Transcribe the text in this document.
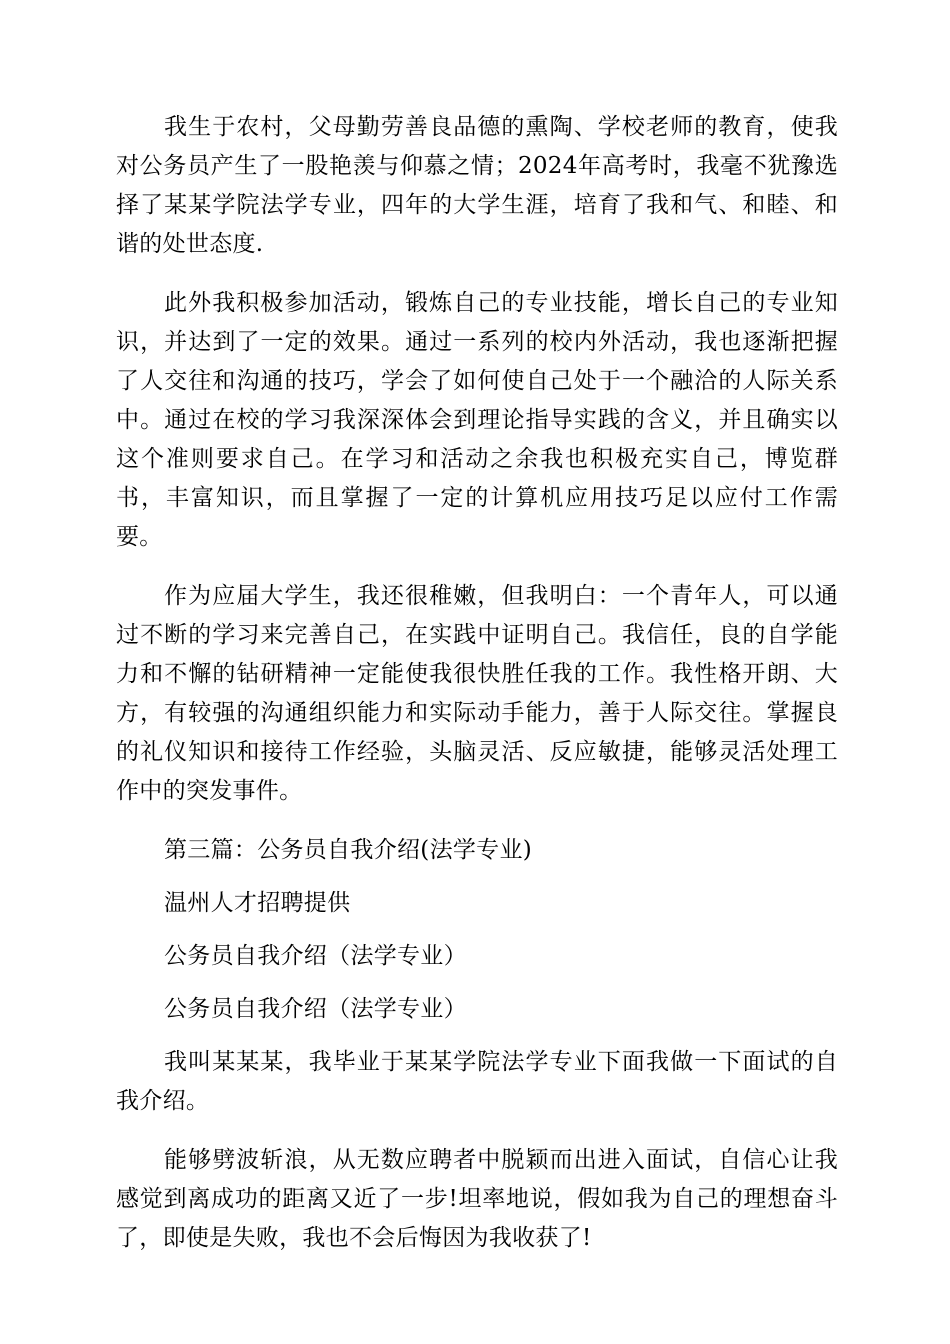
我生于农村，父母勤劳善良品德的熏陶、学校老师的教育，使我对公务员产生了一股艳羡与仰慕之情；2024年高考时，我毫不犹豫选择了某某学院法学专业，四年的大学生涯，培育了我和气、和睦、和谐的处世态度.

此外我积极参加活动，锻炼自己的专业技能，增长自己的专业知识，并达到了一定的效果。通过一系列的校内外活动，我也逐渐把握了人交往和沟通的技巧，学会了如何使自己处于一个融洽的人际关系中。通过在校的学习我深深体会到理论指导实践的含义，并且确实以这个准则要求自己。在学习和活动之余我也积极充实自己，博览群书，丰富知识，而且掌握了一定的计算机应用技巧足以应付工作需要。

作为应届大学生，我还很稚嫩，但我明白：一个青年人，可以通过不断的学习来完善自己，在实践中证明自己。我信任，良的自学能力和不懈的钻研精神一定能使我很快胜任我的工作。我性格开朗、大方，有较强的沟通组织能力和实际动手能力，善于人际交往。掌握良的礼仪知识和接待工作经验，头脑灵活、反应敏捷，能够灵活处理工作中的突发事件。

第三篇：公务员自我介绍(法学专业)

温州人才招聘提供

公务员自我介绍（法学专业）

公务员自我介绍（法学专业）

我叫某某某，我毕业于某某学院法学专业下面我做一下面试的自我介绍。

能够劈波斩浪，从无数应聘者中脱颖而出进入面试，自信心让我感觉到离成功的距离又近了一步!坦率地说，假如我为自己的理想奋斗了，即使是失败，我也不会后悔因为我收获了!
